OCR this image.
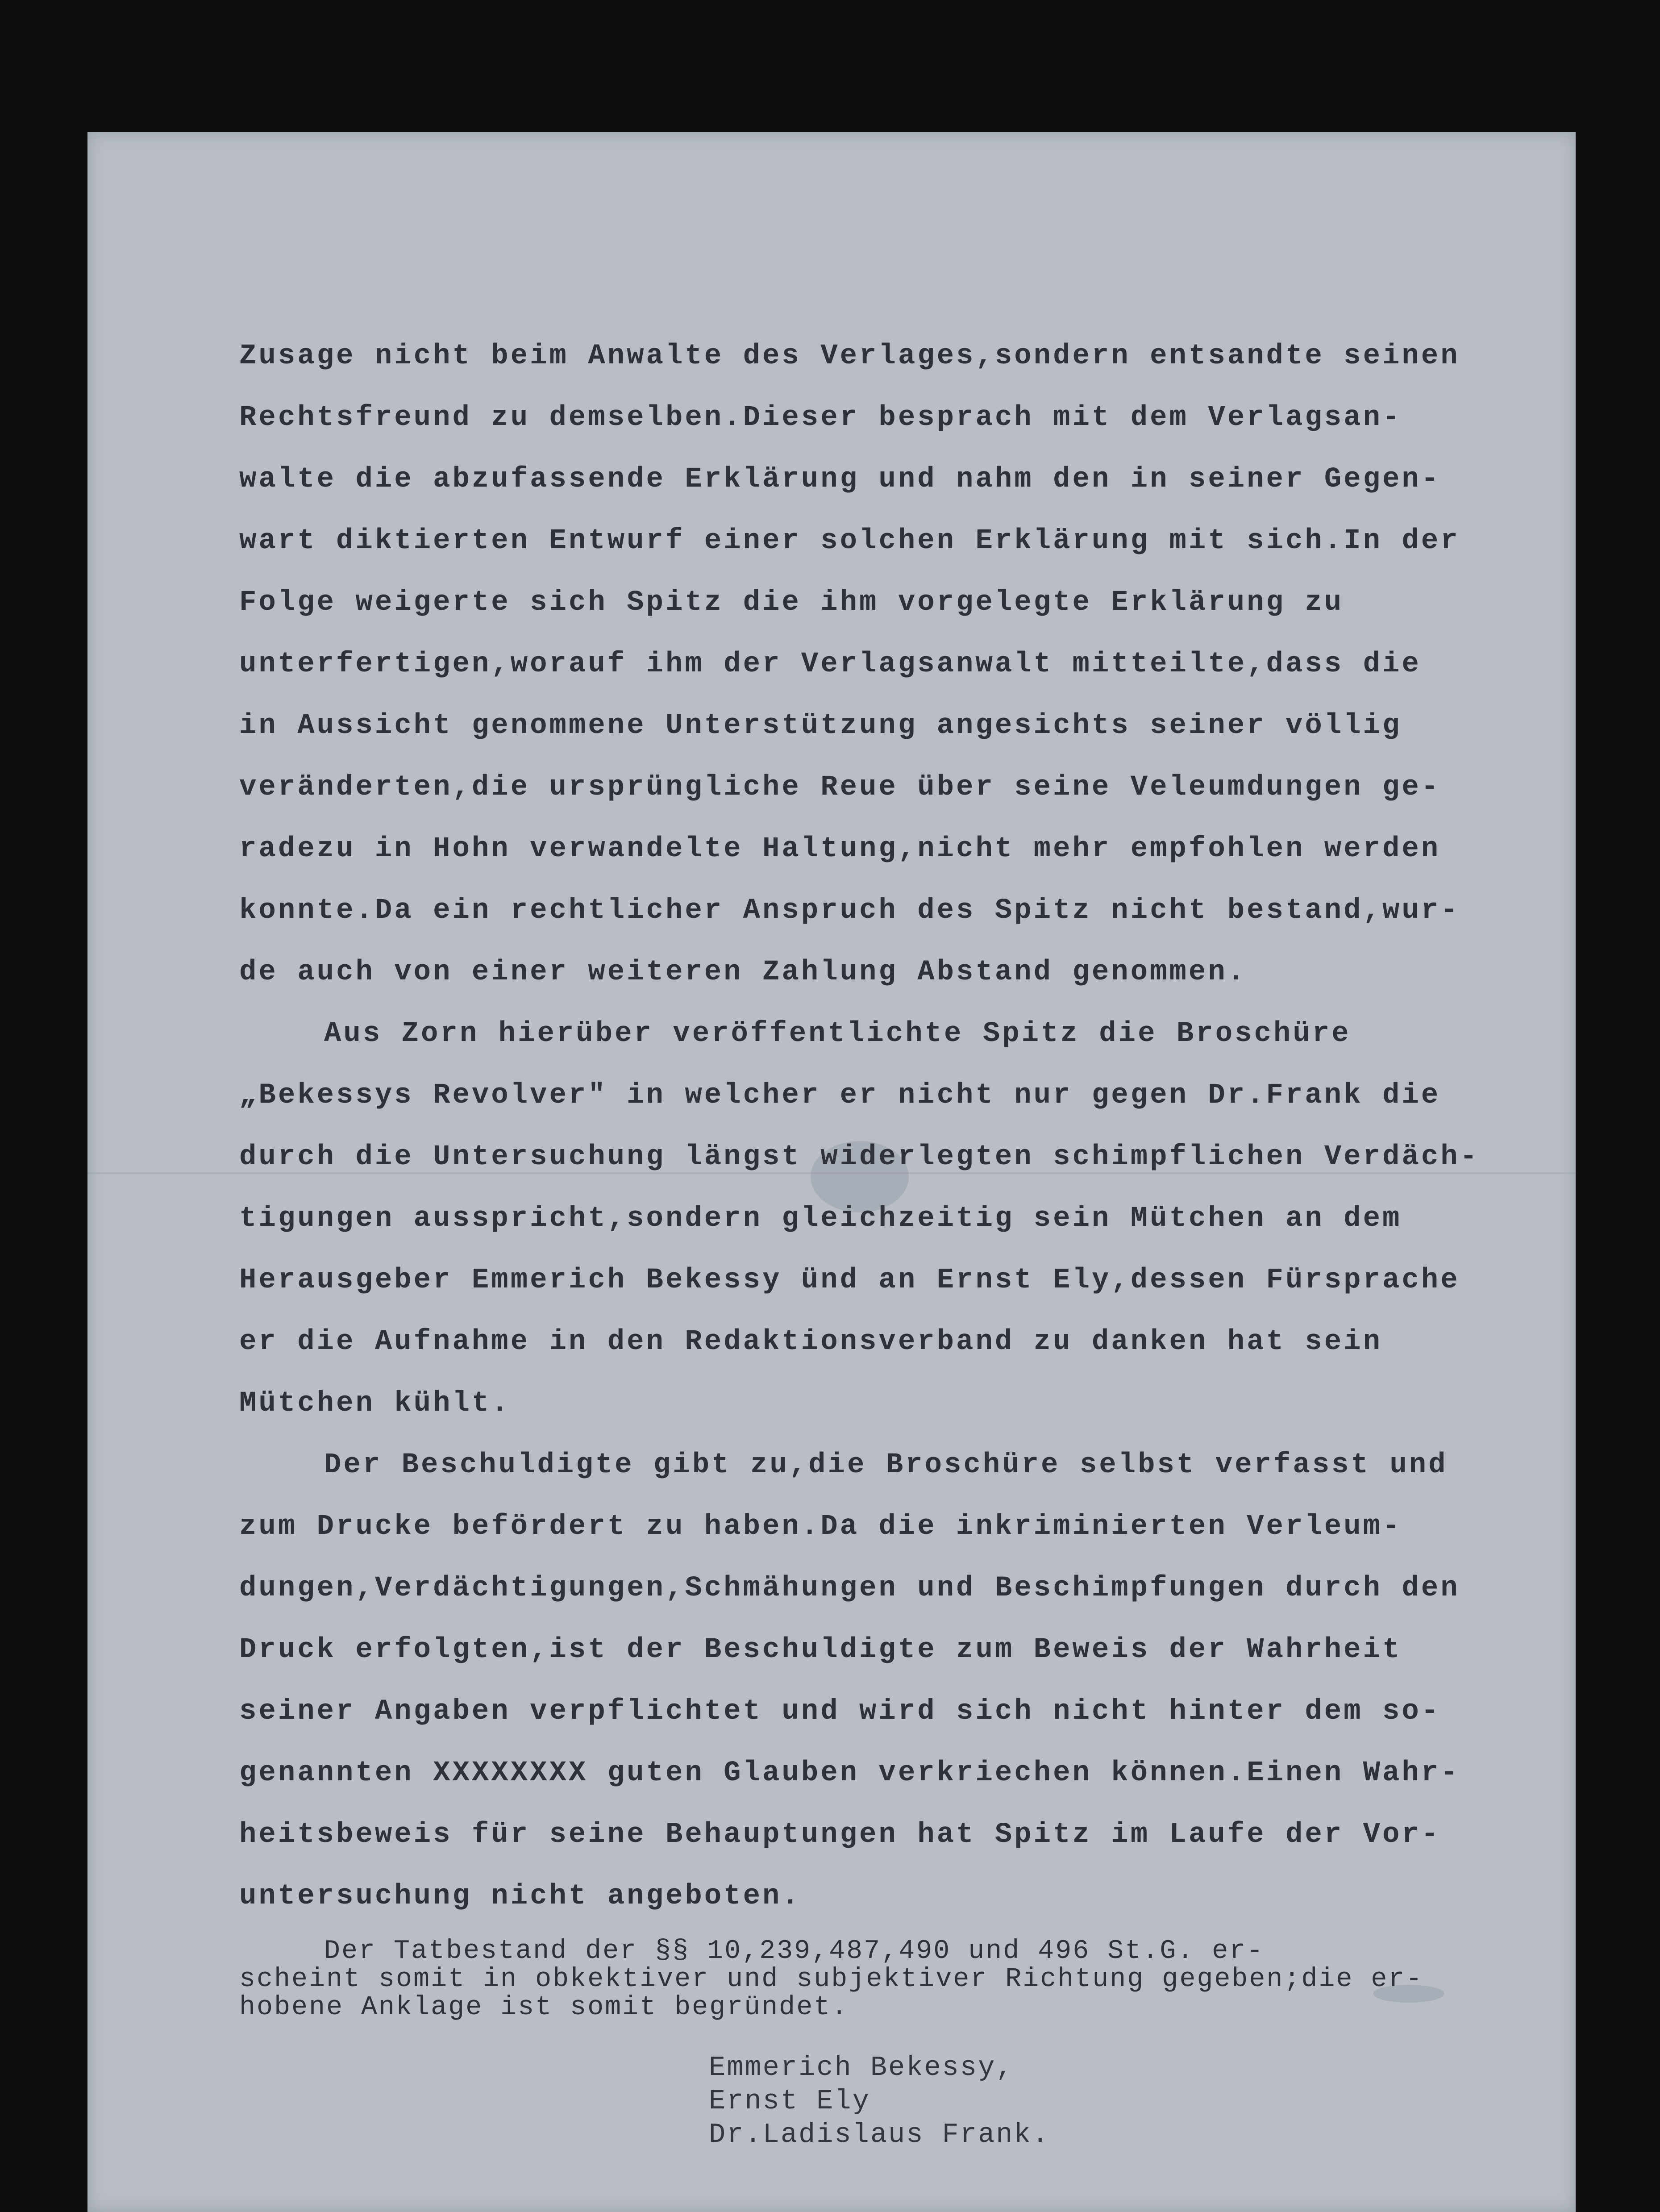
Zusage nicht beim Anwalte des Verlages,sondern entsandte seinen
Rechtsfreund zu demselben.Dieser besprach mit dem Verlagsan-
walte die abzufassende Erklärung und nahm den in seiner Gegen-
wart diktierten Entwurf einer solchen Erklärung mit sich.In der
Folge weigerte sich Spitz die ihm vorgelegte Erklärung zu
unterfertigen,worauf ihm der Verlagsanwalt mitteilte,dass die
in Aussicht genommene Unterstützung angesichts seiner völlig
veränderten,die ursprüngliche Reue über seine Veleumdungen ge-
radezu in Hohn verwandelte Haltung,nicht mehr empfohlen werden
konnte.Da ein rechtlicher Anspruch des Spitz nicht bestand,wur-
de auch von einer weiteren Zahlung Abstand genommen.
Aus Zorn hierüber veröffentlichte Spitz die Broschüre
„Bekessys Revolver" in welcher er nicht nur gegen Dr.Frank die
durch die Untersuchung längst widerlegten schimpflichen Verdäch-
tigungen ausspricht,sondern gleichzeitig sein Mütchen an dem
Herausgeber Emmerich Bekessy ünd an Ernst Ely,dessen Fürsprache
er die Aufnahme in den Redaktionsverband zu danken hat sein
Mütchen kühlt.
Der Beschuldigte gibt zu,die Broschüre selbst verfasst und
zum Drucke befördert zu haben.Da die inkriminierten Verleum-
dungen,Verdächtigungen,Schmähungen und Beschimpfungen durch den
Druck erfolgten,ist der Beschuldigte zum Beweis der Wahrheit
seiner Angaben verpflichtet und wird sich nicht hinter dem so-
genannten XXXXXXXX guten Glauben verkriechen können.Einen Wahr-
heitsbeweis für seine Behauptungen hat Spitz im Laufe der Vor-
untersuchung nicht angeboten.
Der Tatbestand der §§ 10,239,487,490 und 496 St.G. er-
scheint somit in obkektiver und subjektiver Richtung gegeben;die er-
hobene Anklage ist somit begründet.
Emmerich Bekessy,
Ernst Ely
Dr.Ladislaus Frank.
